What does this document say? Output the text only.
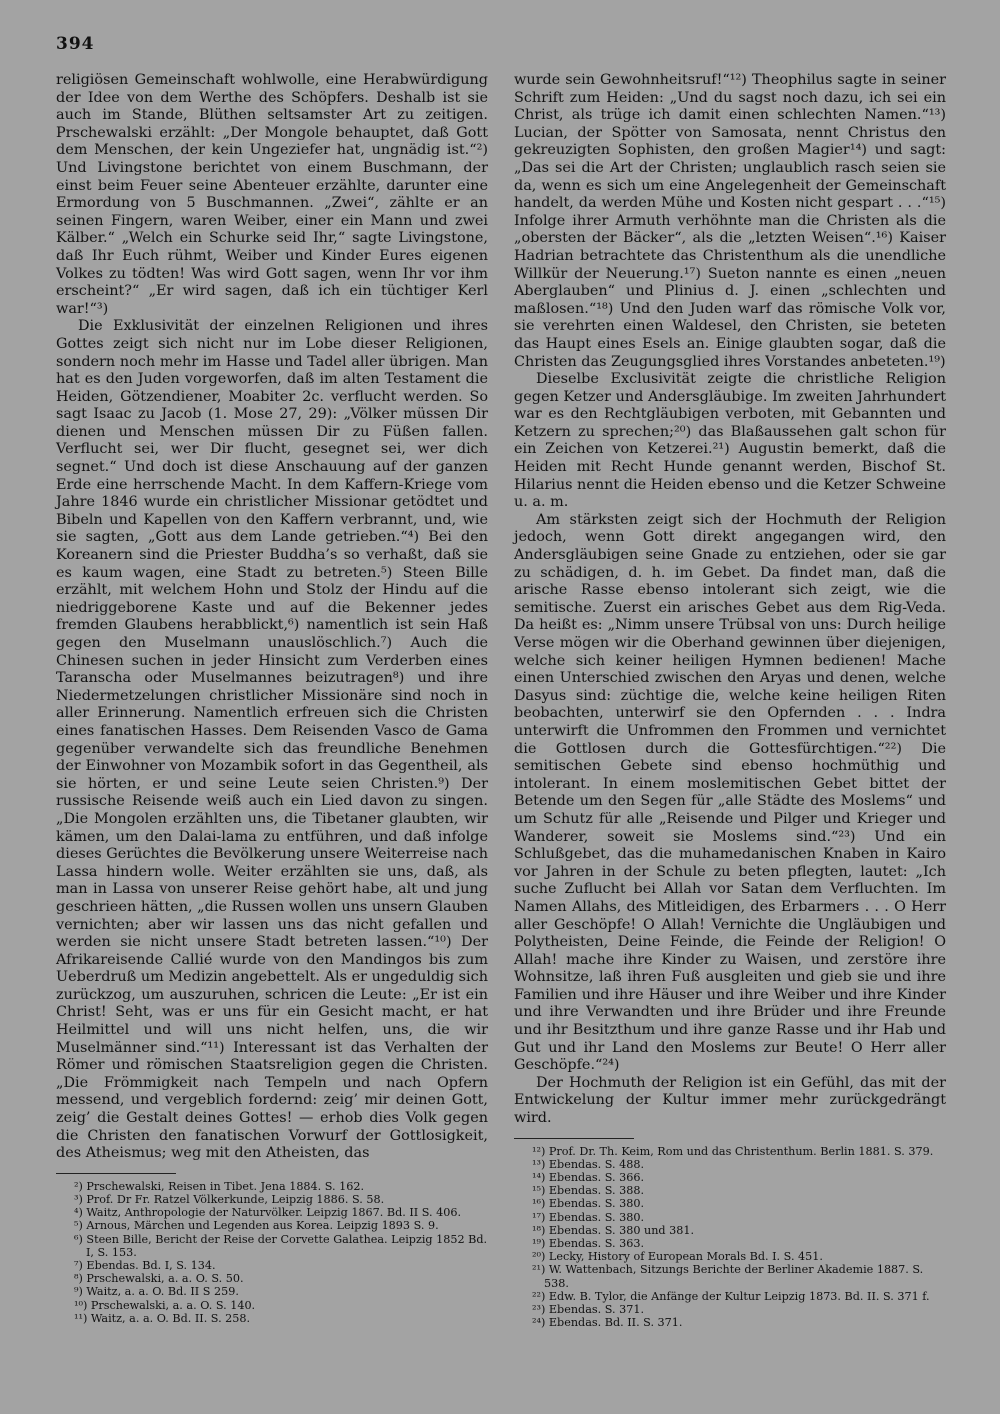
394

religiösen Gemeinschaft wohlwolle, eine Herabwürdigung der Idee von dem Werthe des Schöpfers. Deshalb ist sie auch im Stande, Blüthen seltsamster Art zu zeitigen. Prschewalski erzählt: „Der Mongole behauptet, daß Gott dem Menschen, der kein Ungeziefer hat, ungnädig ist.“²) Und Livingstone berichtet von einem Buschmann, der einst beim Feuer seine Abenteuer erzählte, darunter eine Ermordung von 5 Buschmannen. „Zwei“, zählte er an seinen Fingern, waren Weiber, einer ein Mann und zwei Kälber.“ „Welch ein Schurke seid Ihr,“ sagte Livingstone, daß Ihr Euch rühmt, Weiber und Kinder Eures eigenen Volkes zu tödten! Was wird Gott sagen, wenn Ihr vor ihm erscheint?“ „Er wird sagen, daß ich ein tüchtiger Kerl war!“³)

Die Exklusivität der einzelnen Religionen und ihres Gottes zeigt sich nicht nur im Lobe dieser Religionen, sondern noch mehr im Hasse und Tadel aller übrigen. Man hat es den Juden vorgeworfen, daß im alten Testament die Heiden, Götzendiener, Moabiter 2c. verflucht werden. So sagt Isaac zu Jacob (1. Mose 27, 29): „Völker müssen Dir dienen und Menschen müssen Dir zu Füßen fallen. Verflucht sei, wer Dir flucht, gesegnet sei, wer dich segnet.“ Und doch ist diese Anschauung auf der ganzen Erde eine herrschende Macht. In dem Kaffern-Kriege vom Jahre 1846 wurde ein christlicher Missionar getödtet und Bibeln und Kapellen von den Kaffern verbrannt, und, wie sie sagten, „Gott aus dem Lande getrieben.“⁴) Bei den Koreanern sind die Priester Buddha’s so verhaßt, daß sie es kaum wagen, eine Stadt zu betreten.⁵) Steen Bille erzählt, mit welchem Hohn und Stolz der Hindu auf die niedriggeborene Kaste und auf die Bekenner jedes fremden Glaubens herabblickt,⁶) namentlich ist sein Haß gegen den Muselmann unauslöschlich.⁷) Auch die Chinesen suchen in jeder Hinsicht zum Verderben eines Taranscha oder Muselmannes beizutragen⁸) und ihre Niedermetzelungen christlicher Missionäre sind noch in aller Erinnerung. Namentlich erfreuen sich die Christen eines fanatischen Hasses. Dem Reisenden Vasco de Gama gegenüber verwandelte sich das freundliche Benehmen der Einwohner von Mozambik sofort in das Gegentheil, als sie hörten, er und seine Leute seien Christen.⁹) Der russische Reisende weiß auch ein Lied davon zu singen. „Die Mongolen erzählten uns, die Tibetaner glaubten, wir kämen, um den Dalai-lama zu entführen, und daß infolge dieses Gerüchtes die Bevölkerung unsere Weiterreise nach Lassa hindern wolle. Weiter erzählten sie uns, daß, als man in Lassa von unserer Reise gehört habe, alt und jung geschrieen hätten, „die Russen wollen uns unsern Glauben vernichten; aber wir lassen uns das nicht gefallen und werden sie nicht unsere Stadt betreten lassen.“¹⁰) Der Afrikareisende Callié wurde von den Mandingos bis zum Ueberdruß um Medizin angebettelt. Als er ungeduldig sich zurückzog, um auszuruhen, schricen die Leute: „Er ist ein Christ! Seht, was er uns für ein Gesicht macht, er hat Heilmittel und will uns nicht helfen, uns, die wir Muselmänner sind.“¹¹) Interessant ist das Verhalten der Römer und römischen Staatsreligion gegen die Christen. „Die Frömmigkeit nach Tempeln und nach Opfern messend, und vergeblich fordernd: zeig’ mir deinen Gott, zeig’ die Gestalt deines Gottes! — erhob dies Volk gegen die Christen den fanatischen Vorwurf der Gottlosigkeit, des Atheismus; weg mit den Atheisten, das

²) Prschewalski, Reisen in Tibet. Jena 1884. S. 162.

³) Prof. Dr Fr. Ratzel Völkerkunde, Leipzig 1886. S. 58.

⁴) Waitz, Anthropologie der Naturvölker. Leipzig 1867. Bd. II S. 406.

⁵) Arnous, Märchen und Legenden aus Korea. Leipzig 1893 S. 9.

⁶) Steen Bille, Bericht der Reise der Corvette Galathea. Leipzig 1852 Bd. I, S. 153.

⁷) Ebendas. Bd. I, S. 134.

⁸) Prschewalski, a. a. O. S. 50.

⁹) Waitz, a. a. O. Bd. II S 259.

¹⁰) Prschewalski, a. a. O. S. 140.

¹¹) Waitz, a. a. O. Bd. II. S. 258.

wurde sein Gewohnheitsruf!“¹²) Theophilus sagte in seiner Schrift zum Heiden: „Und du sagst noch dazu, ich sei ein Christ, als trüge ich damit einen schlechten Namen.“¹³) Lucian, der Spötter von Samosata, nennt Christus den gekreuzigten Sophisten, den großen Magier¹⁴) und sagt: „Das sei die Art der Christen; unglaublich rasch seien sie da, wenn es sich um eine Angelegenheit der Gemeinschaft handelt, da werden Mühe und Kosten nicht gespart . . .“¹⁵) Infolge ihrer Armuth verhöhnte man die Christen als die „obersten der Bäcker“, als die „letzten Weisen“.¹⁶) Kaiser Hadrian betrachtete das Christenthum als die unendliche Willkür der Neuerung.¹⁷) Sueton nannte es einen „neuen Aberglauben“ und Plinius d. J. einen „schlechten und maßlosen.“¹⁸) Und den Juden warf das römische Volk vor, sie verehrten einen Waldesel, den Christen, sie beteten das Haupt eines Esels an. Einige glaubten sogar, daß die Christen das Zeugungsglied ihres Vorstandes anbeteten.¹⁹)

Dieselbe Exclusivität zeigte die christliche Religion gegen Ketzer und Andersgläubige. Im zweiten Jahrhundert war es den Rechtgläubigen verboten, mit Gebannten und Ketzern zu sprechen;²⁰) das Blaßaussehen galt schon für ein Zeichen von Ketzerei.²¹) Augustin bemerkt, daß die Heiden mit Recht Hunde genannt werden, Bischof St. Hilarius nennt die Heiden ebenso und die Ketzer Schweine u. a. m.

Am stärksten zeigt sich der Hochmuth der Religion jedoch, wenn Gott direkt angegangen wird, den Andersgläubigen seine Gnade zu entziehen, oder sie gar zu schädigen, d. h. im Gebet. Da findet man, daß die arische Rasse ebenso intolerant sich zeigt, wie die semitische. Zuerst ein arisches Gebet aus dem Rig-Veda. Da heißt es: „Nimm unsere Trübsal von uns: Durch heilige Verse mögen wir die Oberhand gewinnen über diejenigen, welche sich keiner heiligen Hymnen bedienen! Mache einen Unterschied zwischen den Aryas und denen, welche Dasyus sind: züchtige die, welche keine heiligen Riten beobachten, unterwirf sie den Opfernden . . . Indra unterwirft die Unfrommen den Frommen und vernichtet die Gottlosen durch die Gottesfürchtigen.“²²) Die semitischen Gebete sind ebenso hochmüthig und intolerant. In einem moslemitischen Gebet bittet der Betende um den Segen für „alle Städte des Moslems“ und um Schutz für alle „Reisende und Pilger und Krieger und Wanderer, soweit sie Moslems sind.“²³) Und ein Schlußgebet, das die muhamedanischen Knaben in Kairo vor Jahren in der Schule zu beten pflegten, lautet: „Ich suche Zuflucht bei Allah vor Satan dem Verfluchten. Im Namen Allahs, des Mitleidigen, des Erbarmers . . . O Herr aller Geschöpfe! O Allah! Vernichte die Ungläubigen und Polytheisten, Deine Feinde, die Feinde der Religion! O Allah! mache ihre Kinder zu Waisen, und zerstöre ihre Wohnsitze, laß ihren Fuß ausgleiten und gieb sie und ihre Familien und ihre Häuser und ihre Weiber und ihre Kinder und ihre Verwandten und ihre Brüder und ihre Freunde und ihr Besitzthum und ihre ganze Rasse und ihr Hab und Gut und ihr Land den Moslems zur Beute! O Herr aller Geschöpfe.“²⁴)

Der Hochmuth der Religion ist ein Gefühl, das mit der Entwickelung der Kultur immer mehr zurückgedrängt wird.

¹²) Prof. Dr. Th. Keim, Rom und das Christenthum. Berlin 1881. S. 379.

¹³) Ebendas. S. 488.

¹⁴) Ebendas. S. 366.

¹⁵) Ebendas. S. 388.

¹⁶) Ebendas. S. 380.

¹⁷) Ebendas. S. 380.

¹⁸) Ebendas. S. 380 und 381.

¹⁹) Ebendas. S. 363.

²⁰) Lecky, History of European Morals Bd. I. S. 451.

²¹) W. Wattenbach, Sitzungs Berichte der Berliner Akademie 1887. S. 538.

²²) Edw. B. Tylor, die Anfänge der Kultur Leipzig 1873. Bd. II. S. 371 f.

²³) Ebendas. S. 371.

²⁴) Ebendas. Bd. II. S. 371.
